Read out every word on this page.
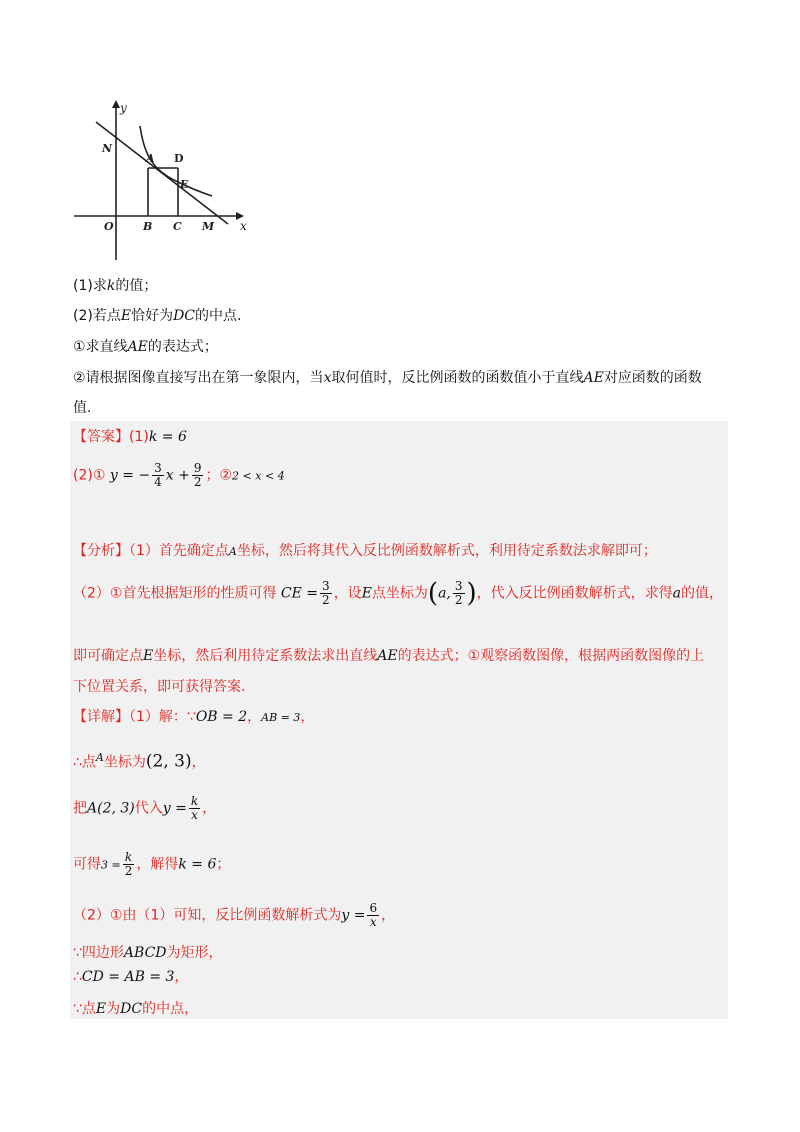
y
x
N
A D
E
O	B C M
(1)求k的值；
(2)若点E恰好为DC的中点.
①求直线AE的表达式；
②请根据图像直接写出在第一象限内，当x取何值时，反比例函数的函数值小于直线AE对应函数的函数
值.
【答案】(1)k = 6
(2)① y = − $\frac{3}{4}$ $x + \frac{9}{2}$ ；②2 < x < 4
【分析】（1）首先确定点A坐标，然后将其代入反比例函数解析式，利用待定系数法求解即可；
（2）①首先根据矩形的性质可得 CE = $\frac{3}{2}$ ，设E点坐标为(a, $\frac{3}{2}$ )，代入反比例函数解析式，求得a的值，
即可确定点E坐标，然后利用待定系数法求出直线AE的表达式；①观察函数图像，根据两函数图像的上
下位置关系，即可获得答案.
【详解】（1）解：∵OB = 2，AB = 3，
∴点$^A$坐标为(2, 3)，
把A(2, 3)代入$y = \frac{k}{x}$ ，
可得$3 = \frac{k}{2}$ ，解得k = 6；
（2）①由（1）可知，反比例函数解析式为$y = \frac{6}{x}$ ，
∵四边形ABCD为矩形，
∴CD = AB = 3，
∵点E为DC的中点，
